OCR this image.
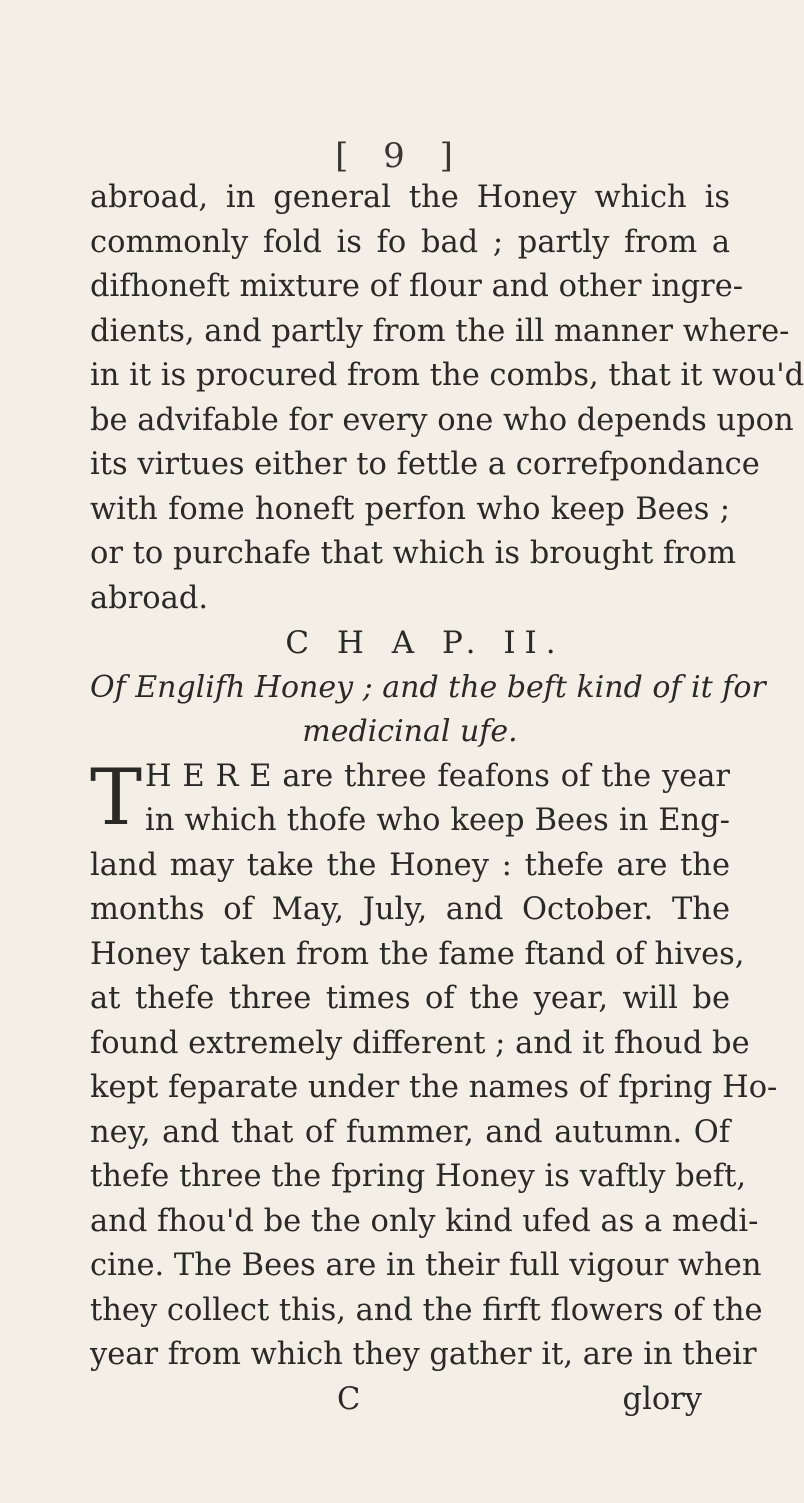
[ 9 ]
abroad, in general the Honey which is
commonly fold is fo bad ; partly from a
difhoneft mixture of flour and other ingre-
dients, and partly from the ill manner where-
in it is procured from the combs, that it wou'd
be advifable for every one who depends upon
its virtues either to fettle a correfpondance
with fome honeft perfon who keep Bees ;
or to purchafe that which is brought from
abroad.
C H A P. II.
Of Englifh Honey ; and the beft kind of it for
medicinal ufe.
T H E R E are three feafons of the year
in which thofe who keep Bees in Eng-
land may take the Honey : thefe are the
months of May, July, and October. The
Honey taken from the fame ftand of hives,
at thefe three times of the year, will be
found extremely different ; and it fhoud be
kept feparate under the names of fpring Ho-
ney, and that of fummer, and autumn. Of
thefe three the fpring Honey is vaftly beft,
and fhou'd be the only kind ufed as a medi-
cine. The Bees are in their full vigour when
they collect this, and the firft flowers of the
year from which they gather it, are in their
C	glory
